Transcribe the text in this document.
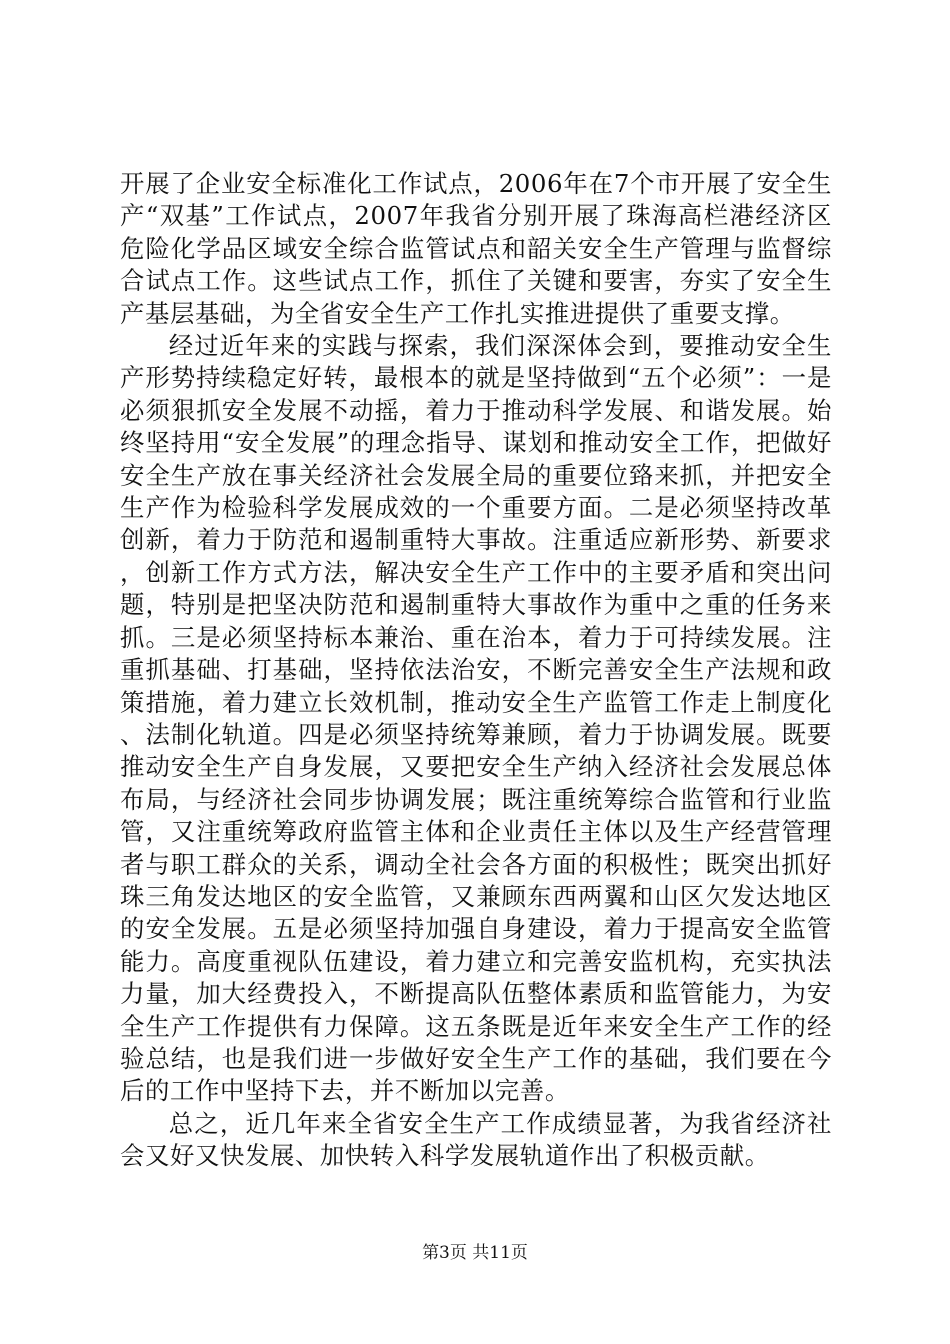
开展了企业安全标准化工作试点，2006年在7个市开展了安全生产“双基”工作试点，2007年我省分别开展了珠海高栏港经济区危险化学品区域安全综合监管试点和韶关安全生产管理与监督综合试点工作。这些试点工作，抓住了关键和要害，夯实了安全生产基层基础，为全省安全生产工作扎实推进提供了重要支撑。

经过近年来的实践与探索，我们深深体会到，要推动安全生产形势持续稳定好转，最根本的就是坚持做到“五个必须”：一是必须狠抓安全发展不动摇，着力于推动科学发展、和谐发展。始终坚持用“安全发展”的理念指导、谋划和推动安全工作，把做好安全生产放在事关经济社会发展全局的重要位臵来抓，并把安全生产作为检验科学发展成效的一个重要方面。二是必须坚持改革创新，着力于防范和遏制重特大事故。注重适应新形势、新要求，创新工作方式方法，解决安全生产工作中的主要矛盾和突出问题，特别是把坚决防范和遏制重特大事故作为重中之重的任务来抓。三是必须坚持标本兼治、重在治本，着力于可持续发展。注重抓基础、打基础，坚持依法治安，不断完善安全生产法规和政策措施，着力建立长效机制，推动安全生产监管工作走上制度化、法制化轨道。四是必须坚持统筹兼顾，着力于协调发展。既要推动安全生产自身发展，又要把安全生产纳入经济社会发展总体布局，与经济社会同步协调发展；既注重统筹综合监管和行业监管，又注重统筹政府监管主体和企业责任主体以及生产经营管理者与职工群众的关系，调动全社会各方面的积极性；既突出抓好珠三角发达地区的安全监管，又兼顾东西两翼和山区欠发达地区的安全发展。五是必须坚持加强自身建设，着力于提高安全监管能力。高度重视队伍建设，着力建立和完善安监机构，充实执法力量，加大经费投入，不断提高队伍整体素质和监管能力，为安全生产工作提供有力保障。这五条既是近年来安全生产工作的经验总结，也是我们进一步做好安全生产工作的基础，我们要在今后的工作中坚持下去，并不断加以完善。

总之，近几年来全省安全生产工作成绩显著，为我省经济社会又好又快发展、加快转入科学发展轨道作出了积极贡献。

第3页 共11页
